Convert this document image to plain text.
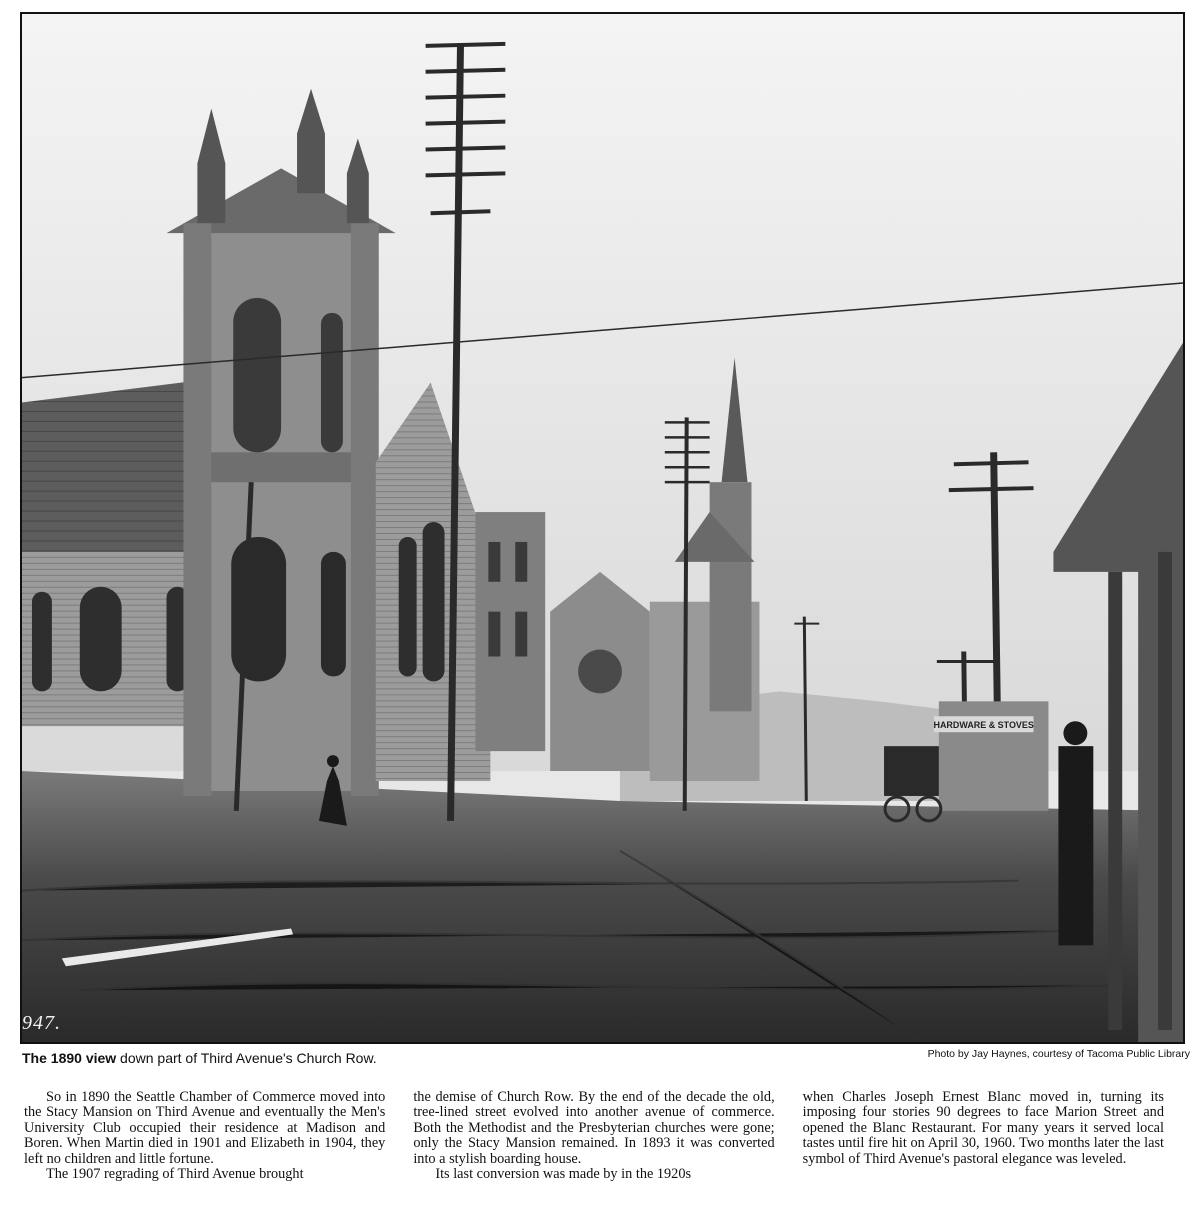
HARDWARE & STOVES
947.
The 1890 view down part of Third Avenue's Church Row.	Photo by Jay Haynes, courtesy of Tacoma Public Library

So in 1890 the Seattle Chamber of Commerce moved into the Stacy Mansion on Third Avenue and eventually the Men's University Club occupied their residence at Madison and Boren. When Martin died in 1901 and Elizabeth in 1904, they left no children and little fortune.

The 1907 regrading of Third Avenue brought

the demise of Church Row. By the end of the decade the old, tree-lined street evolved into another avenue of commerce. Both the Methodist and the Presbyterian churches were gone; only the Stacy Mansion remained. In 1893 it was converted into a stylish boarding house.

Its last conversion was made by in the 1920s

when Charles Joseph Ernest Blanc moved in, turning its imposing four stories 90 degrees to face Marion Street and opened the Blanc Restaurant. For many years it served local tastes until fire hit on April 30, 1960. Two months later the last symbol of Third Avenue's pastoral elegance was leveled.
